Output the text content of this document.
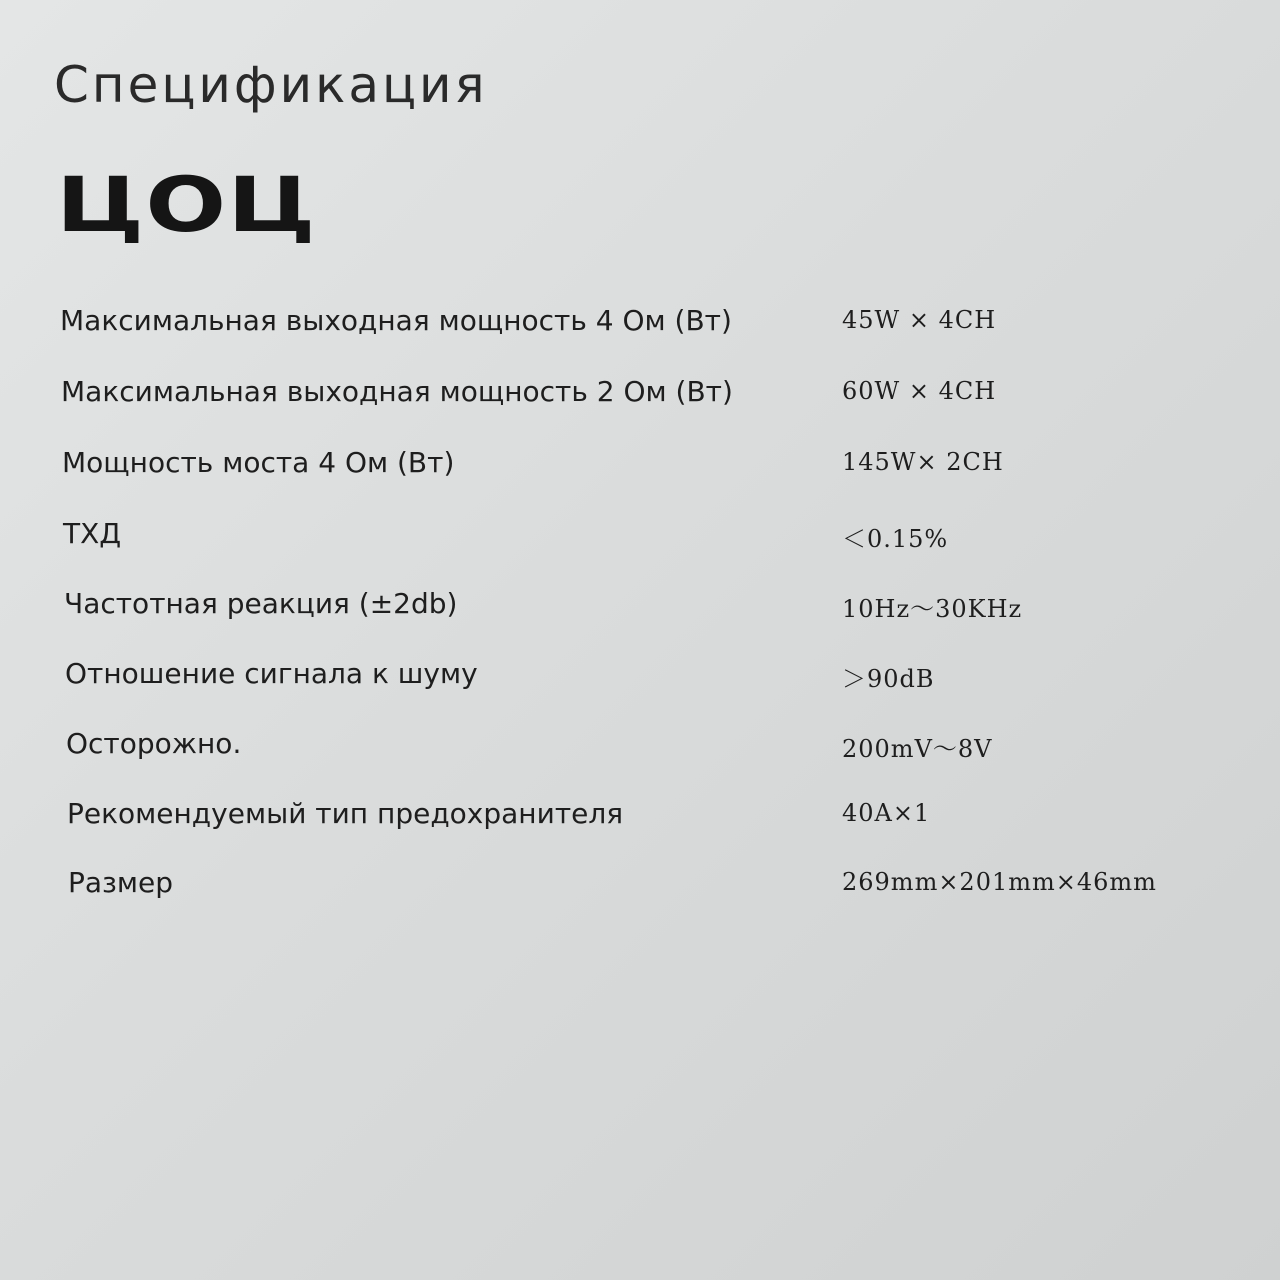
Спецификация
ЦОЦ
Максимальная выходная мощность 4 Ом (Вт)	45W × 4CH
Максимальная выходная мощность 2 Ом (Вт)	60W × 4CH
Мощность моста 4 Ом (Вт)	145W× 2CH
ТХД	＜0.15%
Частотная реакция (±2db)	10Hz～30KHz
Отношение сигнала к шуму	＞90dB
Осторожно.	200mV～8V
Рекомендуемый тип предохранителя	40A×1
Размер	269mm×201mm×46mm
